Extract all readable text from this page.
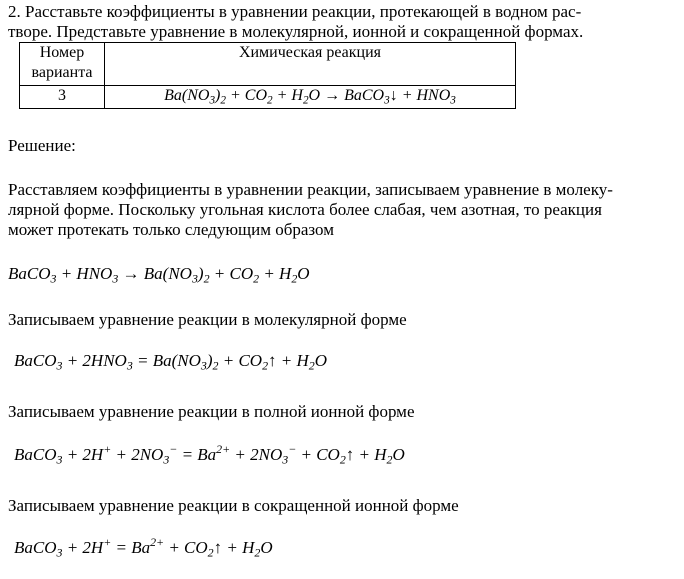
2. Расставьте коэффициенты в уравнении реакции, протекающей в водном рас-
творе. Представьте уравнение в молекулярной, ионной и сокращенной формах.
Номер
варианта	Химическая реакция
3	$Ba(NO_3)_2 + CO_2 + H_2O$ → BaCO$_3$↓ + $HNO_3$
Решение:
Расставляем коэффициенты в уравнении реакции, записываем уравнение в молеку-
лярной форме. Поскольку угольная кислота более слабая, чем азотная, то реакция
может протекать только следующим образом
BaCO$_3$ + $HNO_3 \to Ba(NO_3)_2 + CO_2 + H_2O$
Записываем уравнение реакции в молекулярной форме
BaCO$_3$ + $2HNO_3 = Ba(NO_3)_2$ + $CO_2↑ + H_2O$
Записываем уравнение реакции в полной ионной форме
BaCO$_3$ + $2H^+ + 2NO_3^- = Ba^{2+} + 2NO_3^-$ + $CO_2↑ + H_2O$
Записываем уравнение реакции в сокращенной ионной форме
BaCO$_3$ + $2H^+ = Ba^{2+}$ + $CO_2↑ + H_2O$
